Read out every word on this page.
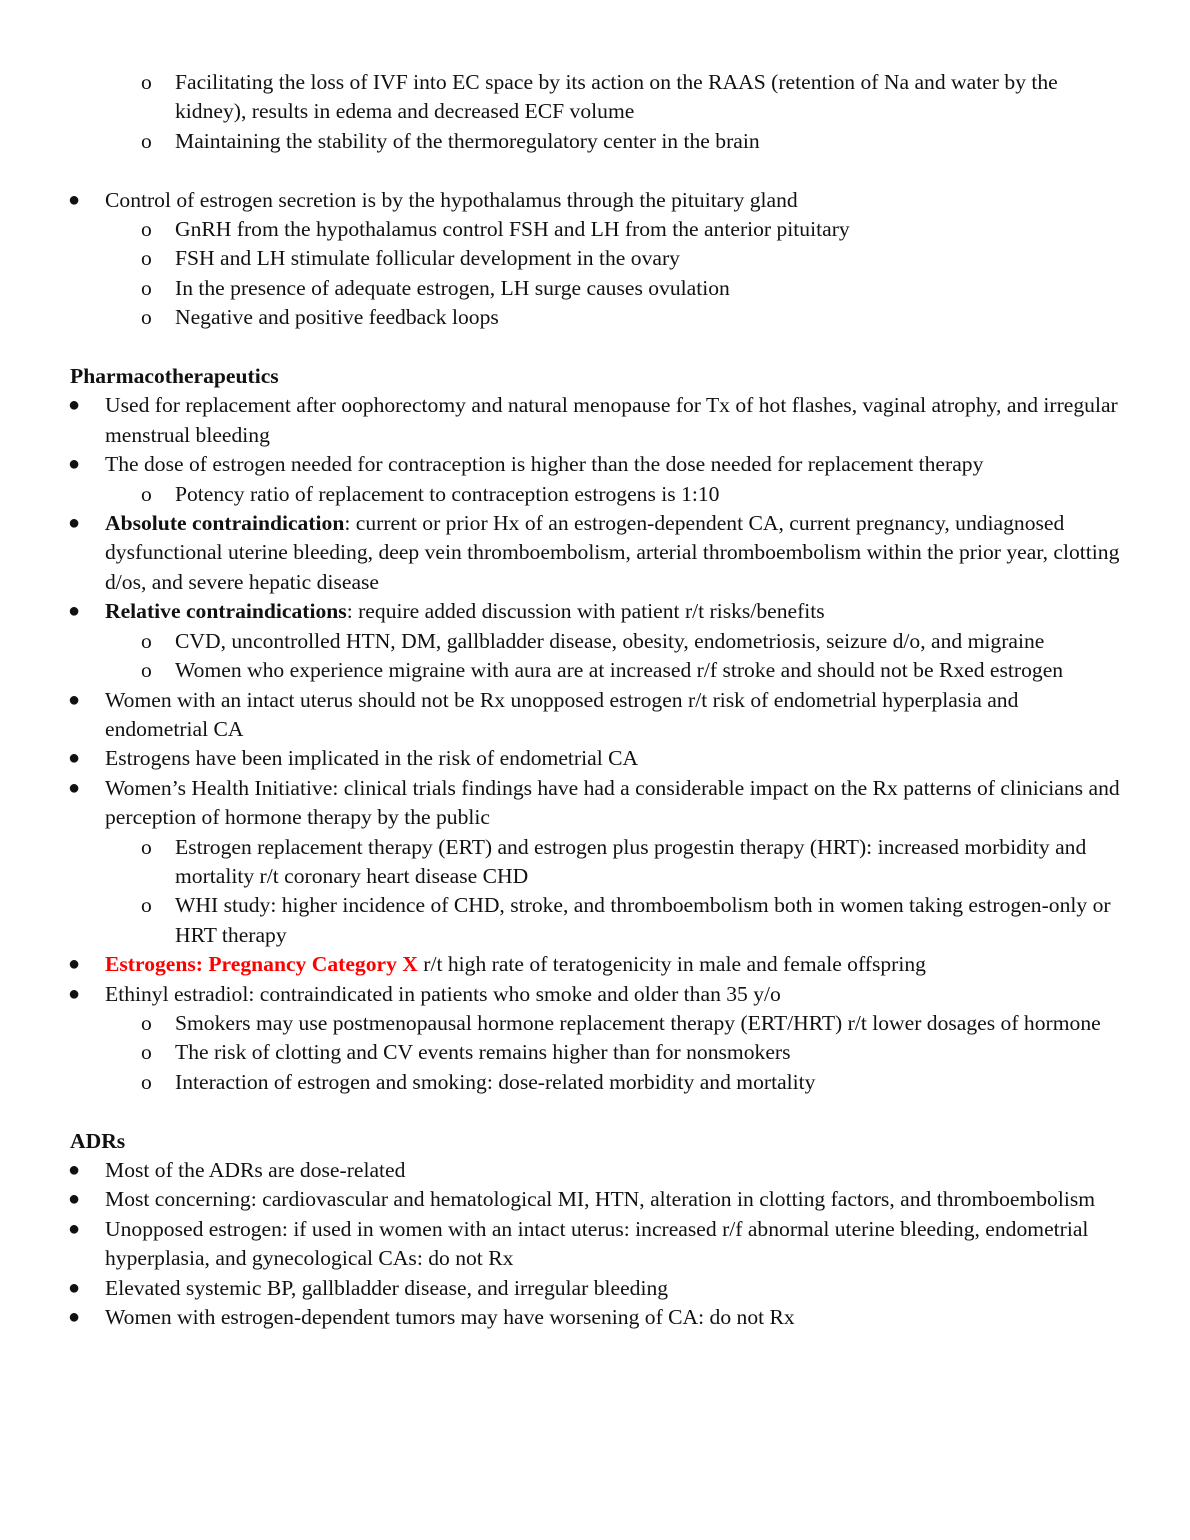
o Facilitating the loss of IVF into EC space by its action on the RAAS (retention of Na and water by the kidney), results in edema and decreased ECF volume
o Maintaining the stability of the thermoregulatory center in the brain
● Control of estrogen secretion is by the hypothalamus through the pituitary gland
o GnRH from the hypothalamus control FSH and LH from the anterior pituitary
o FSH and LH stimulate follicular development in the ovary
o In the presence of adequate estrogen, LH surge causes ovulation
o Negative and positive feedback loops
Pharmacotherapeutics
● Used for replacement after oophorectomy and natural menopause for Tx of hot flashes, vaginal atrophy, and irregular menstrual bleeding
● The dose of estrogen needed for contraception is higher than the dose needed for replacement therapy
o Potency ratio of replacement to contraception estrogens is 1:10
● Absolute contraindication: current or prior Hx of an estrogen-dependent CA, current pregnancy, undiagnosed dysfunctional uterine bleeding, deep vein thromboembolism, arterial thromboembolism within the prior year, clotting d/os, and severe hepatic disease
● Relative contraindications: require added discussion with patient r/t risks/benefits
o CVD, uncontrolled HTN, DM, gallbladder disease, obesity, endometriosis, seizure d/o, and migraine
o Women who experience migraine with aura are at increased r/f stroke and should not be Rxed estrogen
● Women with an intact uterus should not be Rx unopposed estrogen r/t risk of endometrial hyperplasia and endometrial CA
● Estrogens have been implicated in the risk of endometrial CA
● Women’s Health Initiative: clinical trials findings have had a considerable impact on the Rx patterns of clinicians and perception of hormone therapy by the public
o Estrogen replacement therapy (ERT) and estrogen plus progestin therapy (HRT): increased morbidity and mortality r/t coronary heart disease CHD
o WHI study: higher incidence of CHD, stroke, and thromboembolism both in women taking estrogen-only or HRT therapy
● Estrogens: Pregnancy Category X r/t high rate of teratogenicity in male and female offspring
● Ethinyl estradiol: contraindicated in patients who smoke and older than 35 y/o
o Smokers may use postmenopausal hormone replacement therapy (ERT/HRT) r/t lower dosages of hormone
o The risk of clotting and CV events remains higher than for nonsmokers
o Interaction of estrogen and smoking: dose-related morbidity and mortality
ADRs
● Most of the ADRs are dose-related
● Most concerning: cardiovascular and hematological MI, HTN, alteration in clotting factors, and thromboembolism
● Unopposed estrogen: if used in women with an intact uterus: increased r/f abnormal uterine bleeding, endometrial hyperplasia, and gynecological CAs: do not Rx
● Elevated systemic BP, gallbladder disease, and irregular bleeding
● Women with estrogen-dependent tumors may have worsening of CA: do not Rx
